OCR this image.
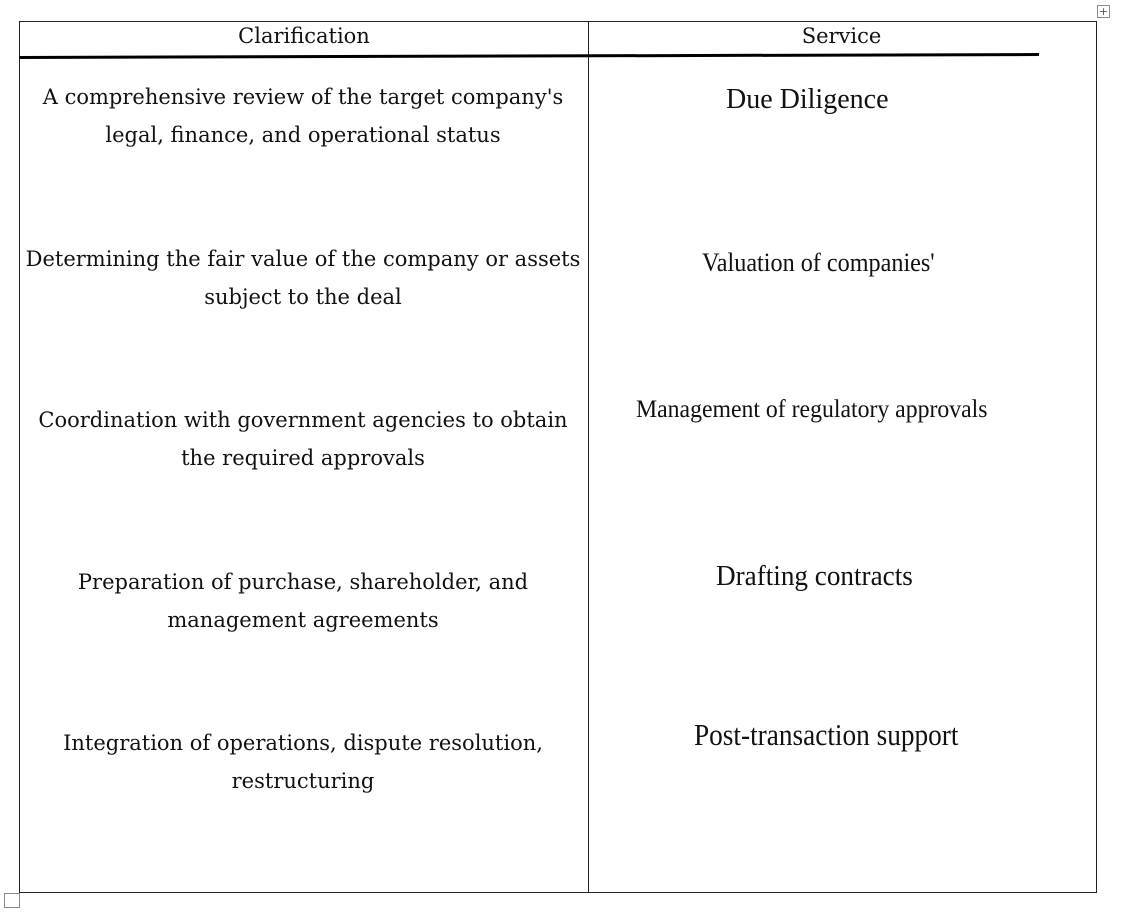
+
Clarification	Service
A comprehensive review of the target company's legal, finance, and operational status
Due Diligence
Determining the fair value of the company or assets subject to the deal
Valuation of companies'
Coordination with government agencies to obtain the required approvals
Management of regulatory approvals
Preparation of purchase, shareholder, and management agreements
Drafting contracts
Integration of operations, dispute resolution, restructuring
Post-transaction support
